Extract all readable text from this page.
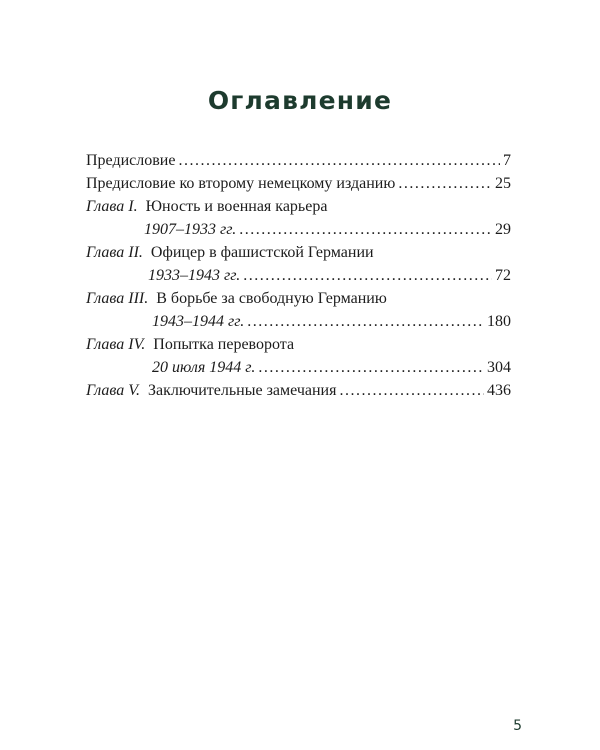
Оглавление
Предисловие .....	7
Предисловие ко второму немецкому изданию .....	25
Глава I. Юность и военная карьера
1907–1933 гг. .....	29
Глава II. Офицер в фашистской Германии
1933–1943 гг. .....	72
Глава III. В борьбе за свободную Германию
1943–1944 гг. .....	180
Глава IV. Попытка переворота
20 июля 1944 г. .....	304
Глава V. Заключительные замечания .....	436
5
